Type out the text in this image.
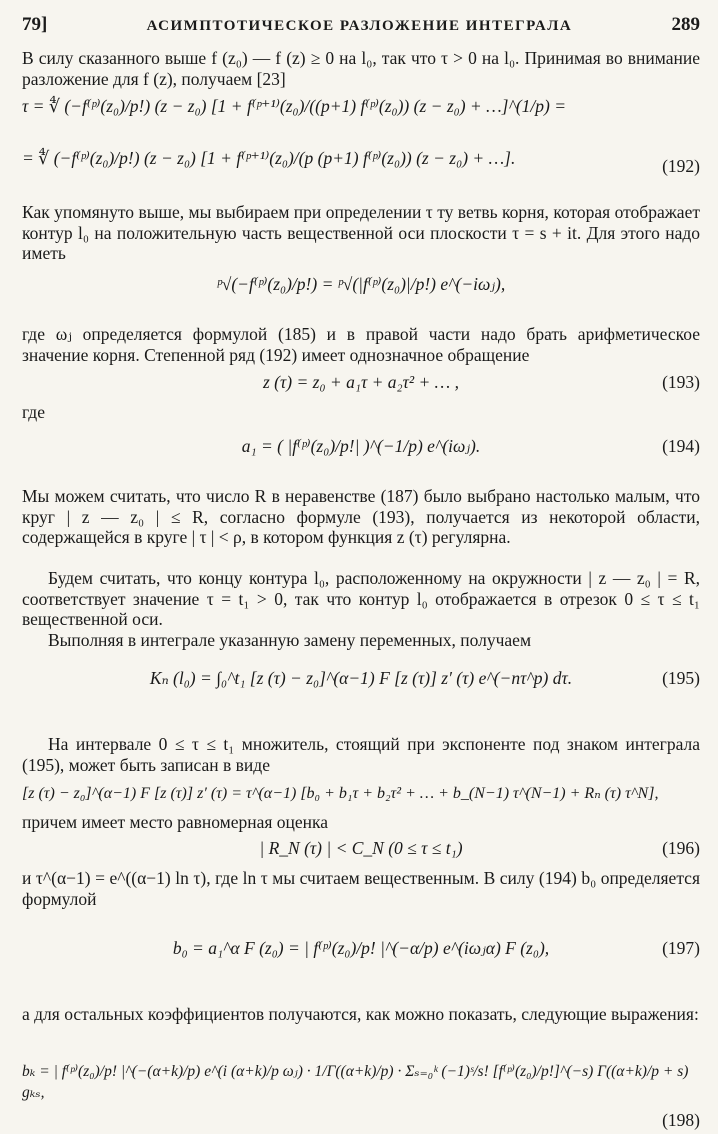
79]	АСИМПТОТИЧЕСКОЕ РАЗЛОЖЕНИЕ ИНТЕГРАЛА	289

В силу сказанного выше f (z₀) — f (z) ≥ 0 на l₀, так что τ > 0 на l₀. Принимая во внимание разложение для f (z), получаем [23]

τ = ∜ (−f⁽ᵖ⁾(z₀)/p!) (z − z₀) [1 + f⁽ᵖ⁺¹⁾(z₀)/((p+1) f⁽ᵖ⁾(z₀)) (z − z₀) + …]^(1/p) =
= ∜ (−f⁽ᵖ⁾(z₀)/p!) (z − z₀) [1 + f⁽ᵖ⁺¹⁾(z₀)/(p (p+1) f⁽ᵖ⁾(z₀)) (z − z₀) + …].	(192)

Как упомянуто выше, мы выбираем при определении τ ту ветвь корня, которая отображает контур l₀ на положительную часть вещественной оси плоскости τ = s + it. Для этого надо иметь

ᵖ√(−f⁽ᵖ⁾(z₀)/p!) = ᵖ√(|f⁽ᵖ⁾(z₀)|/p!) e^(−iωⱼ),

где ωⱼ определяется формулой (185) и в правой части надо брать арифметическое значение корня. Степенной ряд (192) имеет однозначное обращение

z (τ) = z₀ + a₁τ + a₂τ² + … ,	(193)

где

a₁ = ( |f⁽ᵖ⁾(z₀)/p!| )^(−1/p) e^(iωⱼ).	(194)

Мы можем считать, что число R в неравенстве (187) было выбрано настолько малым, что круг | z — z₀ | ≤ R, согласно формуле (193), получается из некоторой области, содержащейся в круге | τ | < ρ, в котором функция z (τ) регулярна.

Будем считать, что концу контура l₀, расположенному на окружности | z — z₀ | = R, соответствует значение τ = t₁ > 0, так что контур l₀ отображается в отрезок 0 ≤ τ ≤ t₁ вещественной оси.

Выполняя в интеграле указанную замену переменных, получаем

Kₙ (l₀) = ∫₀^t₁ [z (τ) − z₀]^(α−1) F [z (τ)] z′ (τ) e^(−nτ^p) dτ.	(195)

На интервале 0 ≤ τ ≤ t₁ множитель, стоящий при экспоненте под знаком интеграла (195), может быть записан в виде

[z (τ) − z₀]^(α−1) F [z (τ)] z′ (τ) = τ^(α−1) [b₀ + b₁τ + b₂τ² + … + b_(N−1) τ^(N−1) + Rₙ (τ) τ^N],

причем имеет место равномерная оценка

| R_N (τ) | < C_N (0 ≤ τ ≤ t₁)	(196)

и τ^(α−1) = e^((α−1) ln τ), где ln τ мы считаем вещественным. В силу (194) b₀ определяется формулой

b₀ = a₁^α F (z₀) = | f⁽ᵖ⁾(z₀)/p! |^(−α/p) e^(iωⱼα) F (z₀),	(197)

а для остальных коэффициентов получаются, как можно показать, следующие выражения:

bₖ = | f⁽ᵖ⁾(z₀)/p! |^(−(α+k)/p) e^(i (α+k)/p ωⱼ) · 1/Γ((α+k)/p) · Σₛ₌₀ᵏ (−1)ˢ/s! [f⁽ᵖ⁾(z₀)/p!]^(−s) Γ((α+k)/p + s) gₖₛ,
(198)
